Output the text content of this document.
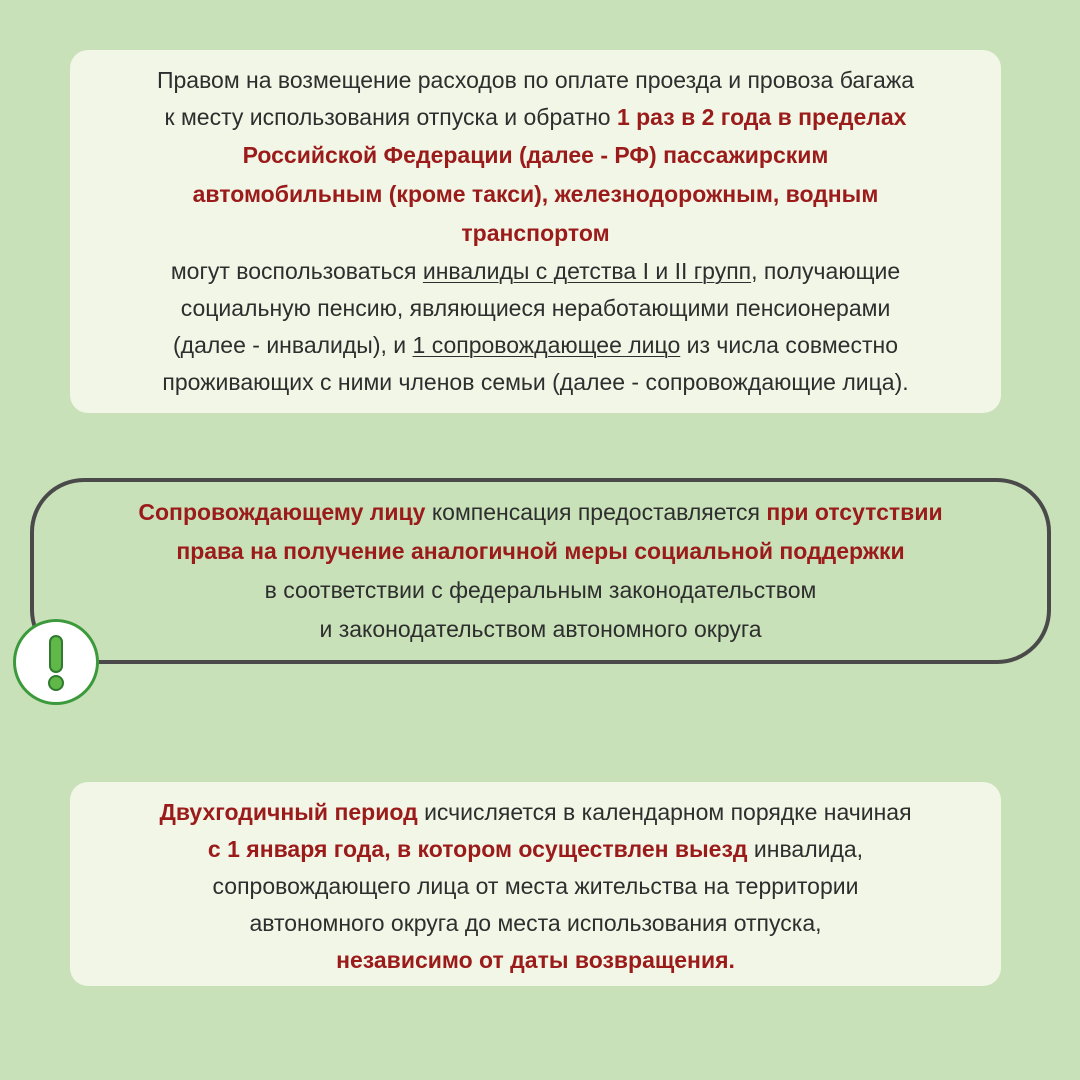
Правом на возмещение расходов по оплате проезда и провоза багажа

к месту использования отпуска и обратно 1 раз в 2 года в пределах

Российской Федерации (далее - РФ) пассажирским

автомобильным (кроме такси), железнодорожным, водным

транспортом

могут воспользоваться инвалиды с детства I и II групп, получающие

социальную пенсию, являющиеся неработающими пенсионерами

(далее - инвалиды), и 1 сопровождающее лицо из числа совместно

проживающих с ними членов семьи (далее - сопровождающие лица).

Сопровождающему лицу компенсация предоставляется при отсутствии

права на получение аналогичной меры социальной поддержки

в соответствии с федеральным законодательством

и законодательством автономного округа

Двухгодичный период исчисляется в календарном порядке начиная

с 1 января года, в котором осуществлен выезд инвалида,

сопровождающего лица от места жительства на территории

автономного округа до места использования отпуска,

независимо от даты возвращения.
